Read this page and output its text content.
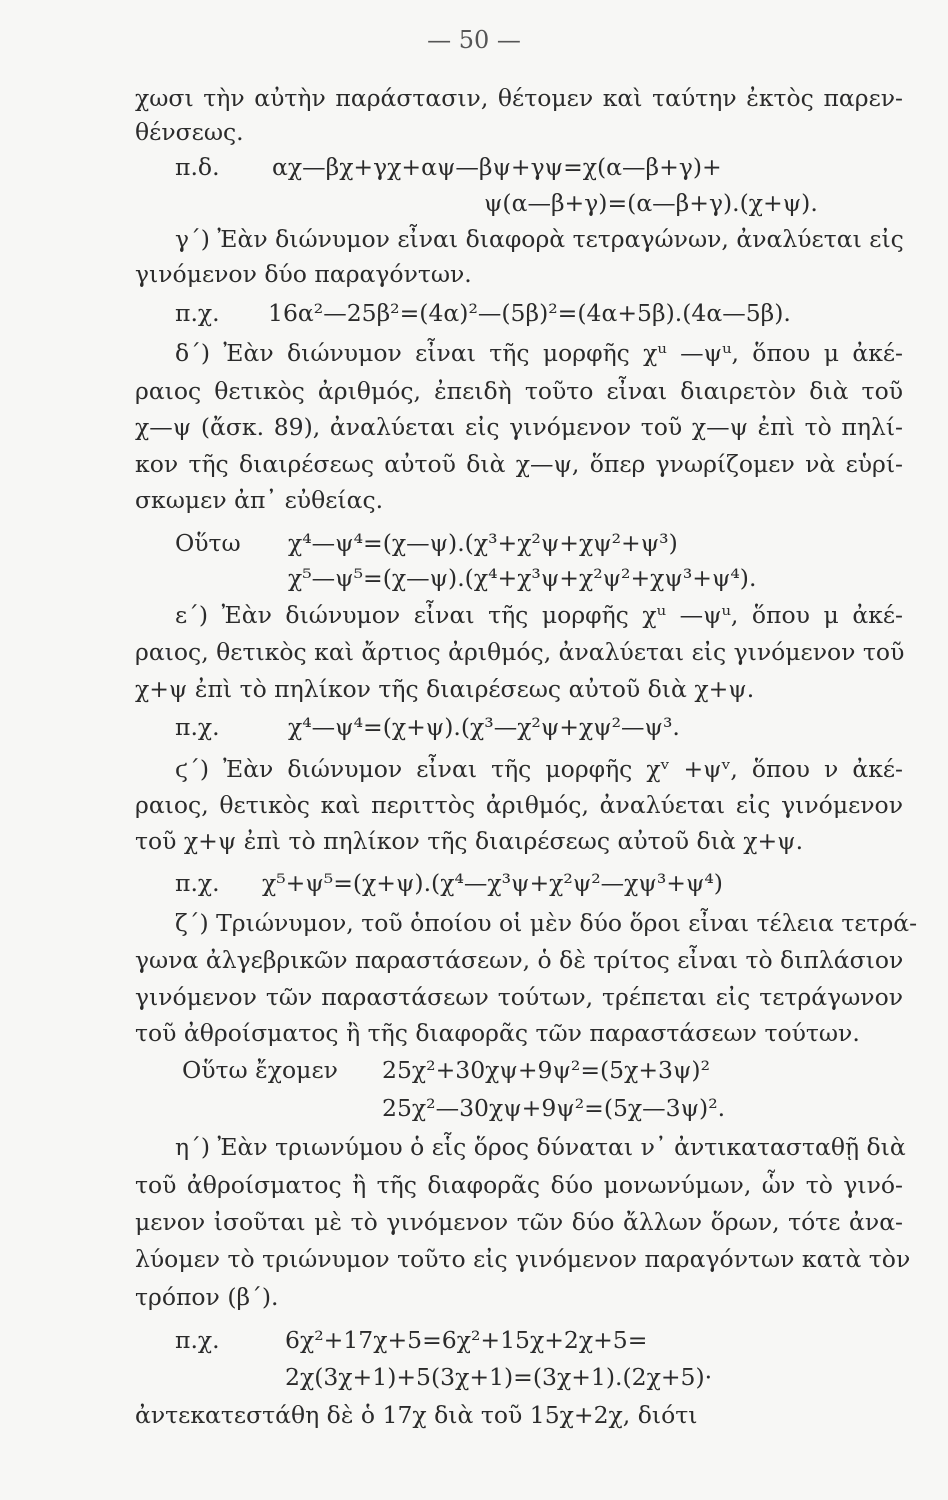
— 50 —
χωσι τὴν αὐτὴν παράστασιν, θέτομεν καὶ ταύτην ἐκτὸς παρεν-
θένσεως.
π.δ. αχ—βχ+γχ+αψ—βψ+γψ=χ(α—β+γ)+
ψ(α—β+γ)=(α—β+γ).(χ+ψ).
γ΄) Ἐὰν διώνυμον εἶναι διαφορὰ τετραγώνων, ἀναλύεται εἰς
γινόμενον δύο παραγόντων.
π.χ. 16α²—25β²=(4α)²—(5β)²=(4α+5β).(4α—5β).
δ΄) Ἐὰν διώνυμον εἶναι τῆς μορφῆς χᵘ —ψᵘ, ὅπου μ ἀκέ-
ραιος θετικὸς ἀριθμός, ἐπειδὴ τοῦτο εἶναι διαιρετὸν διὰ τοῦ
χ—ψ (ἄσκ. 89), ἀναλύεται εἰς γινόμενον τοῦ χ—ψ ἐπὶ τὸ πηλί-
κον τῆς διαιρέσεως αὐτοῦ διὰ χ—ψ, ὅπερ γνωρίζομεν νὰ εὑρί-
σκωμεν ἀπ᾽ εὐθείας.
Οὕτω χ⁴—ψ⁴=(χ—ψ).(χ³+χ²ψ+χψ²+ψ³)
χ⁵—ψ⁵=(χ—ψ).(χ⁴+χ³ψ+χ²ψ²+χψ³+ψ⁴).
ε΄) Ἐὰν διώνυμον εἶναι τῆς μορφῆς χᵘ —ψᵘ, ὅπου μ ἀκέ-
ραιος, θετικὸς καὶ ἄρτιος ἀριθμός, ἀναλύεται εἰς γινόμενον τοῦ
χ+ψ ἐπὶ τὸ πηλίκον τῆς διαιρέσεως αὐτοῦ διὰ χ+ψ.
π.χ.	χ⁴—ψ⁴=(χ+ψ).(χ³—χ²ψ+χψ²—ψ³.
ϛ΄) Ἐὰν διώνυμον εἶναι τῆς μορφῆς χᵛ +ψᵛ, ὅπου ν ἀκέ-
ραιος, θετικὸς καὶ περιττὸς ἀριθμός, ἀναλύεται εἰς γινόμενον
τοῦ χ+ψ ἐπὶ τὸ πηλίκον τῆς διαιρέσεως αὐτοῦ διὰ χ+ψ.
π.χ. χ⁵+ψ⁵=(χ+ψ).(χ⁴—χ³ψ+χ²ψ²—χψ³+ψ⁴)
ζ΄) Τριώνυμον, τοῦ ὁποίου οἱ μὲν δύο ὅροι εἶναι τέλεια τετρά-
γωνα ἀλγεβρικῶν παραστάσεων, ὁ δὲ τρίτος εἶναι τὸ διπλάσιον
γινόμενον τῶν παραστάσεων τούτων, τρέπεται εἰς τετράγωνον
τοῦ ἀθροίσματος ἢ τῆς διαφορᾶς τῶν παραστάσεων τούτων.
Οὕτω ἔχομεν 25χ²+30χψ+9ψ²=(5χ+3ψ)²
25χ²—30χψ+9ψ²=(5χ—3ψ)².
η΄) Ἐὰν τριωνύμου ὁ εἷς ὅρος δύναται ν᾽ ἀντικατασταθῇ διὰ
τοῦ ἀθροίσματος ἢ τῆς διαφορᾶς δύο μονωνύμων, ὧν τὸ γινό-
μενον ἰσοῦται μὲ τὸ γινόμενον τῶν δύο ἄλλων ὅρων, τότε ἀνα-
λύομεν τὸ τριώνυμον τοῦτο εἰς γινόμενον παραγόντων κατὰ τὸν
τρόπον (β΄).
π.χ.	6χ²+17χ+5=6χ²+15χ+2χ+5=
2χ(3χ+1)+5(3χ+1)=(3χ+1).(2χ+5)·
ἀντεκατεστάθη δὲ ὁ 17χ διὰ τοῦ 15χ+2χ, διότι
